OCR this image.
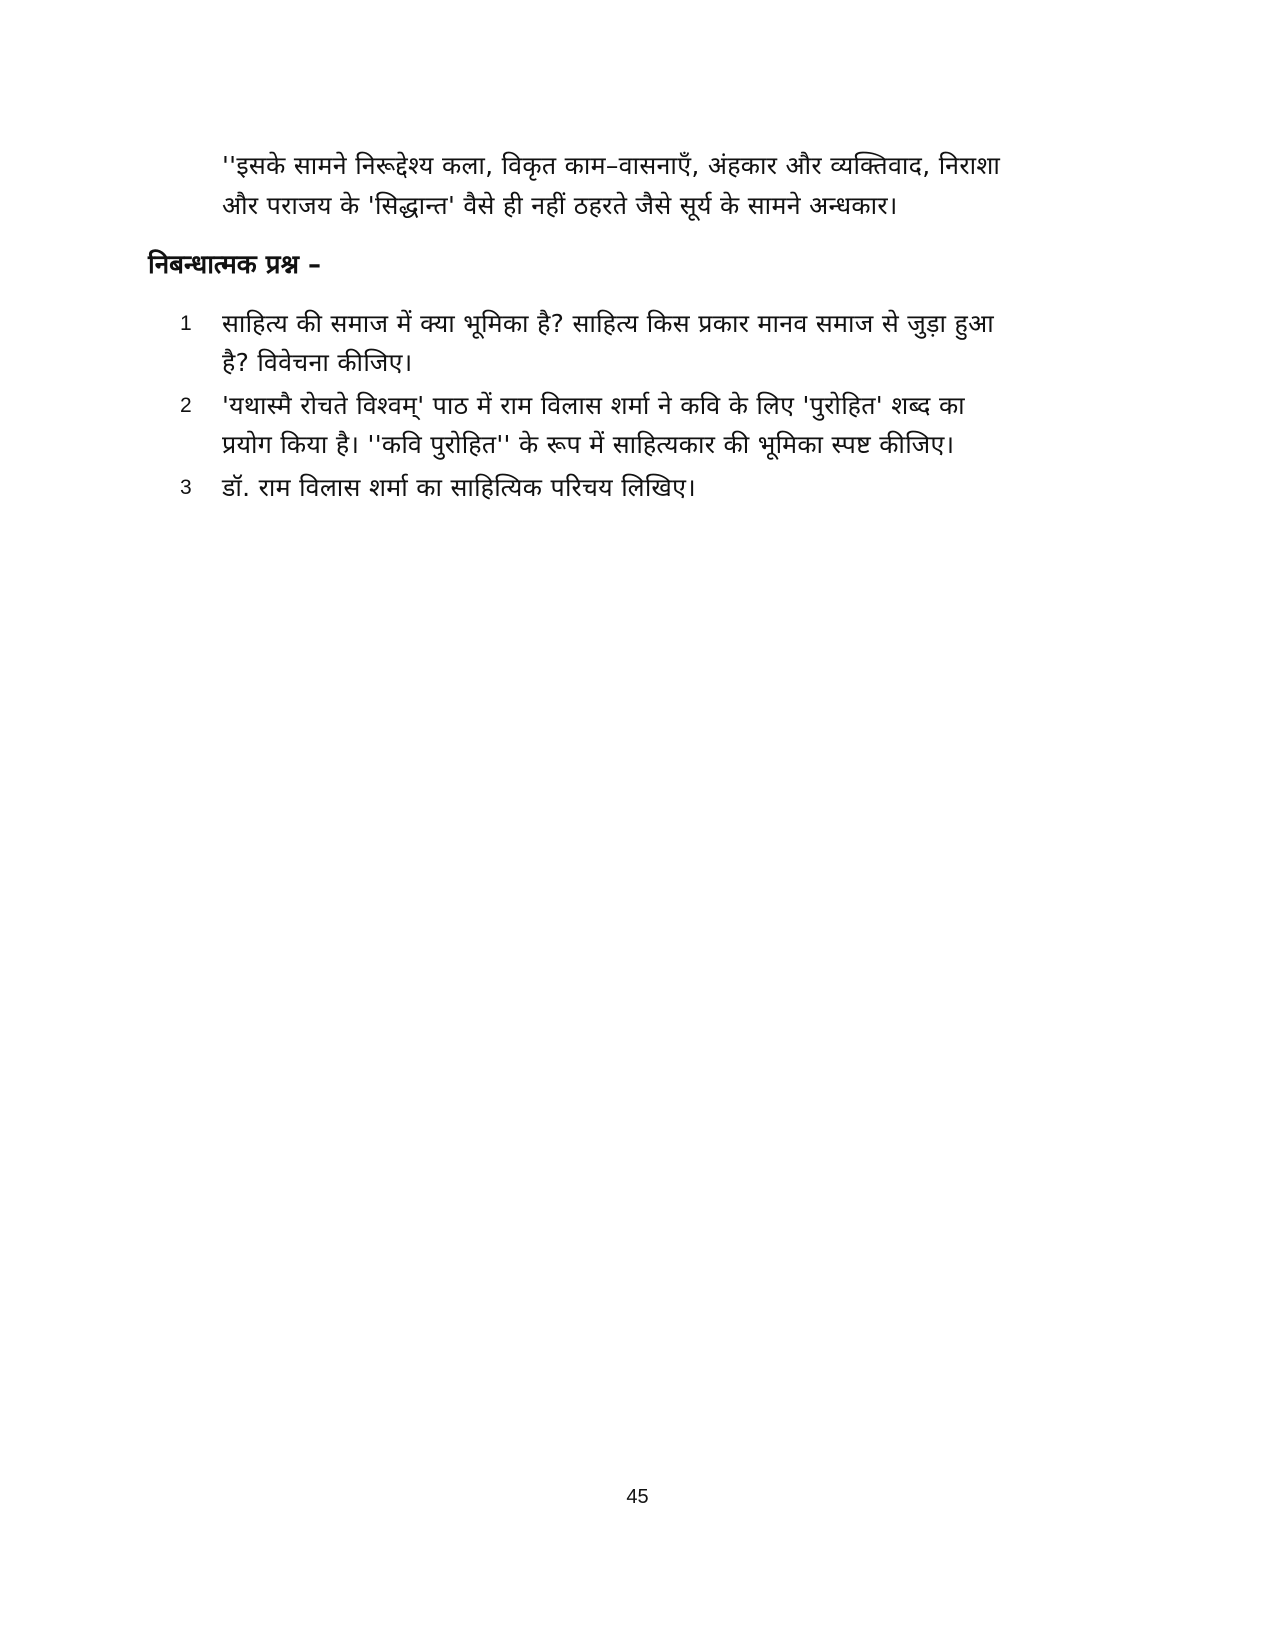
''इसके सामने निरूद्देश्य कला, विकृत काम–वासनाएँ, अंहकार और व्यक्तिवाद, निराशा

और पराजय के 'सिद्धान्त' वैसे ही नहीं ठहरते जैसे सूर्य के सामने अन्धकार।

निबन्धात्मक प्रश्न –
1	साहित्य की समाज में क्या भूमिका है? साहित्य किस प्रकार मानव समाज से जुड़ा हुआ
है? विवेचना कीजिए।
2	'यथास्मै रोचते विश्वम्' पाठ में राम विलास शर्मा ने कवि के लिए 'पुरोहित' शब्द का
प्रयोग किया है। ''कवि पुरोहित'' के रूप में साहित्यकार की भूमिका स्पष्ट कीजिए।
3	डॉ. राम विलास शर्मा का साहित्यिक परिचय लिखिए।
45
